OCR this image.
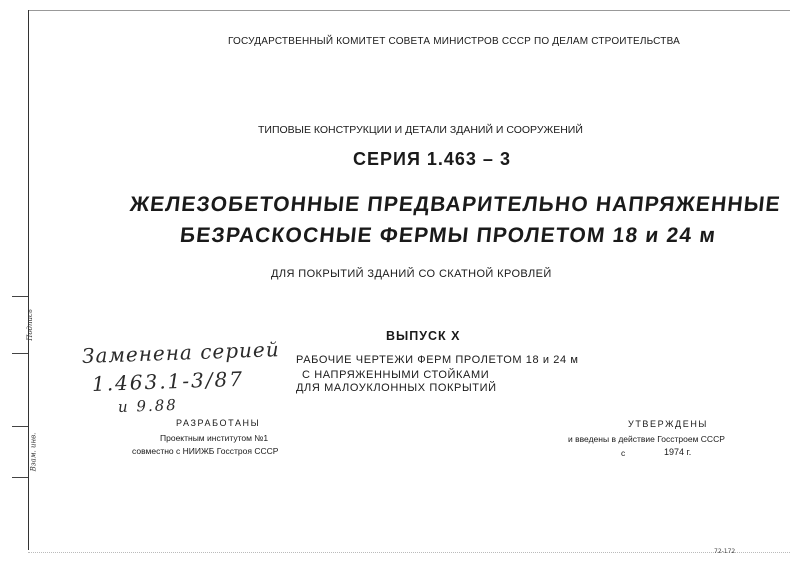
Подпись
Взам. инв.
ГОСУДАРСТВЕННЫЙ КОМИТЕТ СОВЕТА МИНИСТРОВ СССР ПО ДЕЛАМ СТРОИТЕЛЬСТВА
ТИПОВЫЕ КОНСТРУКЦИИ И ДЕТАЛИ ЗДАНИЙ И СООРУЖЕНИЙ
СЕРИЯ 1.463 – 3
ЖЕЛЕЗОБЕТОННЫЕ ПРЕДВАРИТЕЛЬНО НАПРЯЖЕННЫЕ
БЕЗРАСКОСНЫЕ ФЕРМЫ ПРОЛЕТОМ 18 и 24 м
ДЛЯ ПОКРЫТИЙ ЗДАНИЙ СО СКАТНОЙ КРОВЛЕЙ
ВЫПУСК Х
РАБОЧИЕ ЧЕРТЕЖИ ФЕРМ ПРОЛЕТОМ 18 и 24 м
С НАПРЯЖЕННЫМИ СТОЙКАМИ
ДЛЯ МАЛОУКЛОННЫХ ПОКРЫТИЙ
Заменена серией
1.463.1-3/87
и 9.88
РАЗРАБОТАНЫ
Проектным институтом №1
совместно с НИИЖБ Госстроя СССР
УТВЕРЖДЕНЫ
и введены в действие Госстроем СССР
с	1974 г.
72-172
